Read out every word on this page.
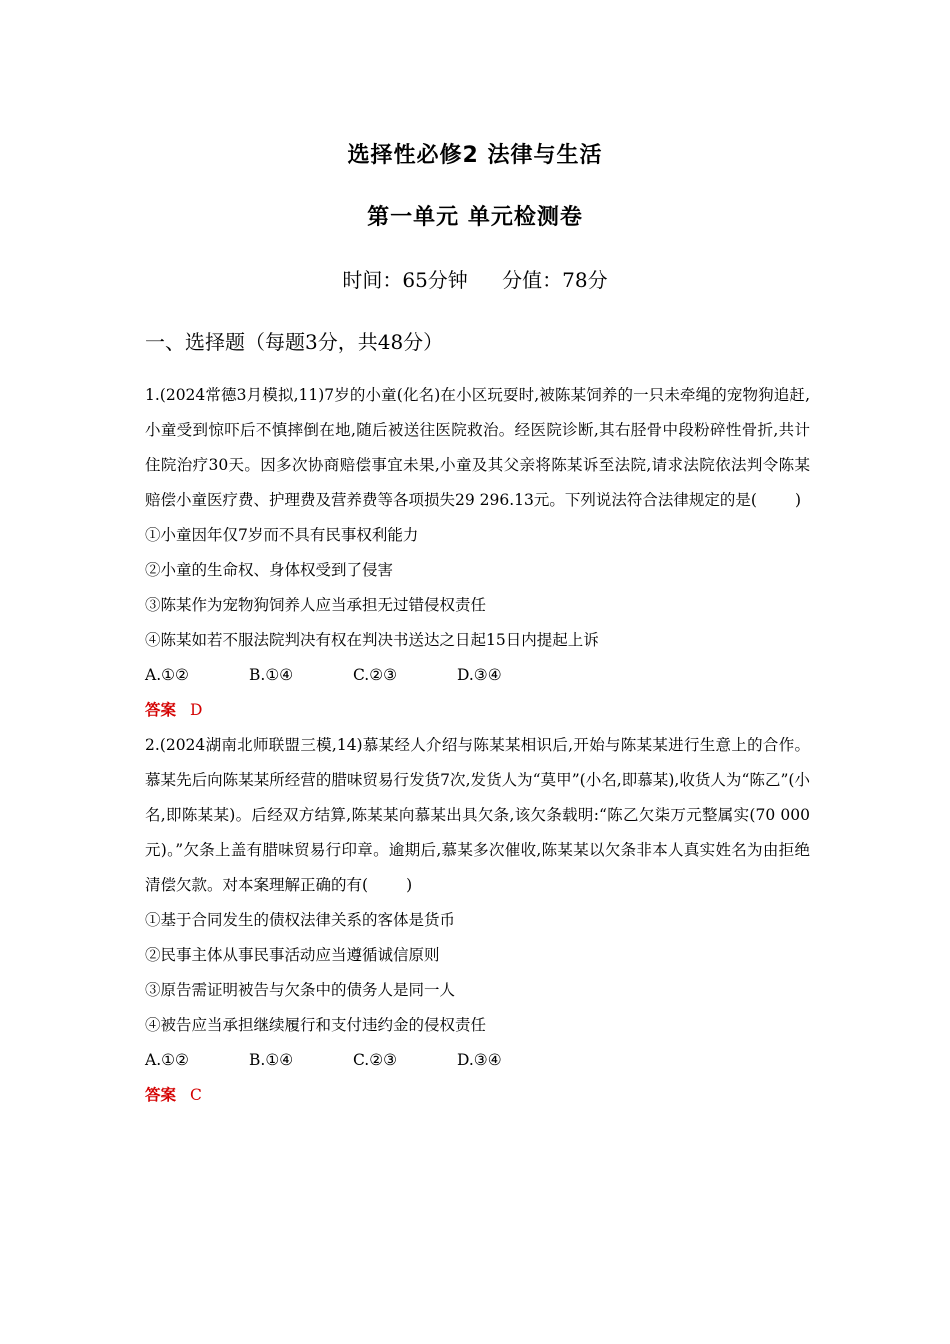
选择性必修2 法律与生活
第一单元 单元检测卷
时间：65分钟 分值：78分
一、选择题（每题3分，共48分）

1.(2024常德3月模拟,11)7岁的小童(化名)在小区玩耍时,被陈某饲养的一只未牵绳的宠物狗追赶,小童受到惊吓后不慎摔倒在地,随后被送往医院救治。经医院诊断,其右胫骨中段粉碎性骨折,共计住院治疗30天。因多次协商赔偿事宜未果,小童及其父亲将陈某诉至法院,请求法院依法判令陈某赔偿小童医疗费、护理费及营养费等各项损失29 296.13元。下列说法符合法律规定的是( )

①小童因年仅7岁而不具有民事权利能力
②小童的生命权、身体权受到了侵害
③陈某作为宠物狗饲养人应当承担无过错侵权责任
④陈某如若不服法院判决有权在判决书送达之日起15日内提起上诉
A.①②	B.①④	C.②③	D.③④
答案 D

2.(2024湖南北师联盟三模,14)慕某经人介绍与陈某某相识后,开始与陈某某进行生意上的合作。慕某先后向陈某某所经营的腊味贸易行发货7次,发货人为“莫甲”(小名,即慕某),收货人为“陈乙”(小名,即陈某某)。后经双方结算,陈某某向慕某出具欠条,该欠条载明:“陈乙欠柒万元整属实(70 000元)。”欠条上盖有腊味贸易行印章。逾期后,慕某多次催收,陈某某以欠条非本人真实姓名为由拒绝清偿欠款。对本案理解正确的有( )

①基于合同发生的债权法律关系的客体是货币
②民事主体从事民事活动应当遵循诚信原则
③原告需证明被告与欠条中的债务人是同一人
④被告应当承担继续履行和支付违约金的侵权责任
A.①②	B.①④	C.②③	D.③④
答案 C
